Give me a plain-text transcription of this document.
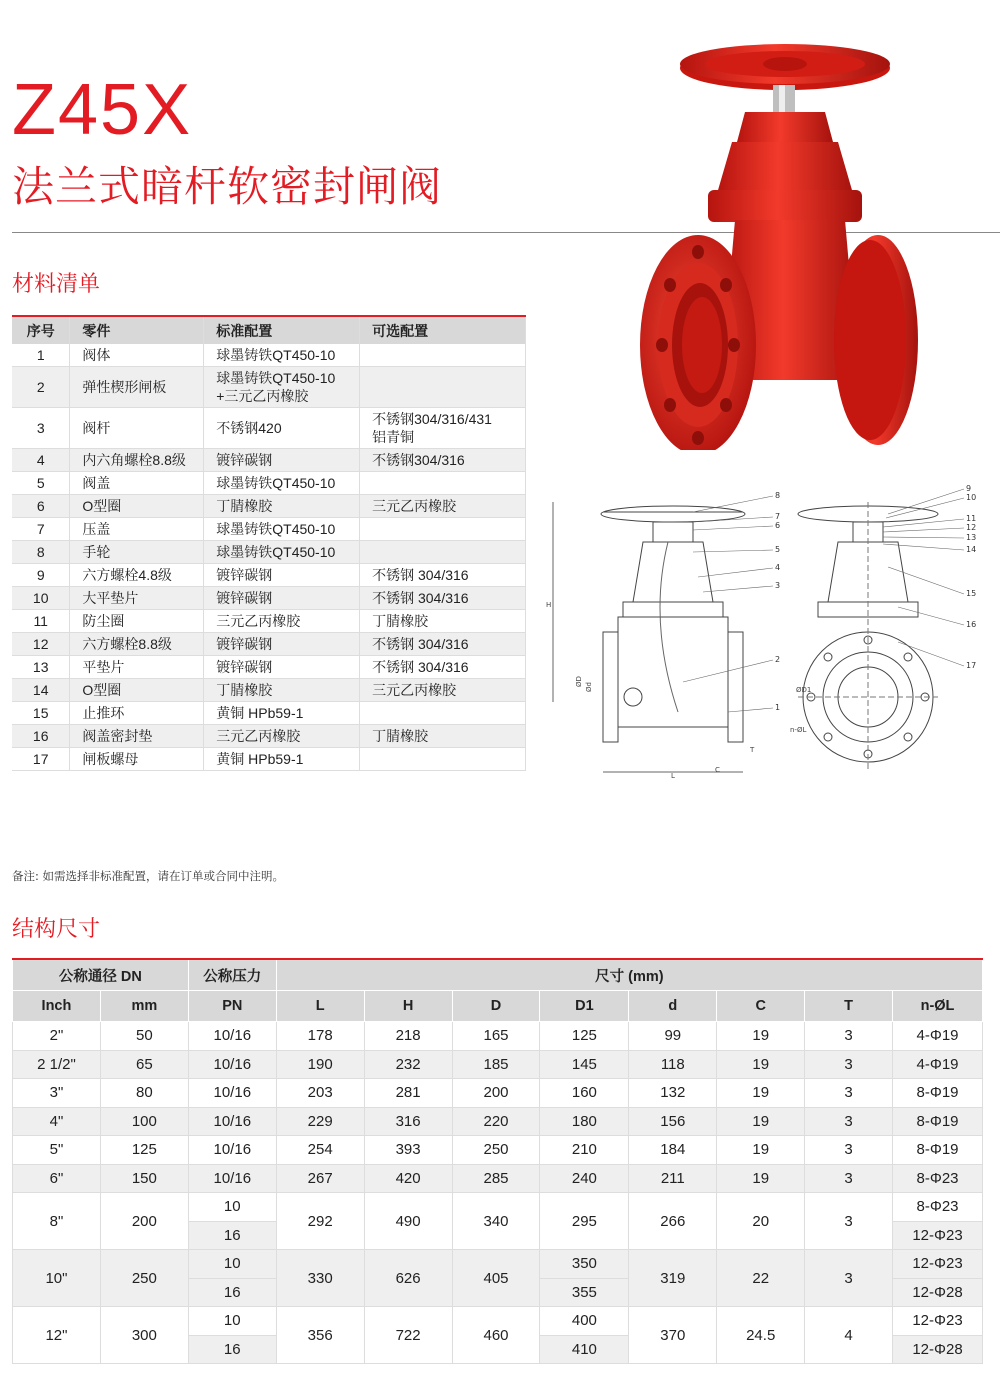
Z45X
法兰式暗杆软密封闸阀
H
ØD
Ød
L
C
T
8
7
6
5
4
3
2
1
ØD1
n-ØL
9
10
11
12
13
14
15
16
17
材料清单
序号	零件	标准配置	可选配置
1	阀体	球墨铸铁QT450-10	
2	弹性楔形闸板	球墨铸铁QT450-10
+三元乙丙橡胶	
3	阀杆	不锈钢420	不锈钢304/316/431
铝青铜
4	内六角螺栓8.8级	镀锌碳钢	不锈钢304/316
5	阀盖	球墨铸铁QT450-10	
6	O型圈	丁腈橡胶	三元乙丙橡胶
7	压盖	球墨铸铁QT450-10	
8	手轮	球墨铸铁QT450-10	
9	六方螺栓4.8级	镀锌碳钢	不锈钢 304/316
10	大平垫片	镀锌碳钢	不锈钢 304/316
11	防尘圈	三元乙丙橡胶	丁腈橡胶
12	六方螺栓8.8级	镀锌碳钢	不锈钢 304/316
13	平垫片	镀锌碳钢	不锈钢 304/316
14	O型圈	丁腈橡胶	三元乙丙橡胶
15	止推环	黄铜 HPb59-1	
16	阀盖密封垫	三元乙丙橡胶	丁腈橡胶
17	闸板螺母	黄铜 HPb59-1	
备注: 如需选择非标准配置，请在订单或合同中注明。
结构尺寸
公称通径 DN		公称压力	尺寸 (mm)							
Inch	mm	PN	L	H	D	D1	d	C	T	n-ØL
2"	50	10/16	178	218	165	125	99	19	3	4-Φ19
2 1/2"	65	10/16	190	232	185	145	118	19	3	4-Φ19
3"	80	10/16	203	281	200	160	132	19	3	8-Φ19
4"	100	10/16	229	316	220	180	156	19	3	8-Φ19
5"	125	10/16	254	393	250	210	184	19	3	8-Φ19
6"	150	10/16	267	420	285	240	211	19	3	8-Φ23
8"	200	10	292	490	340	295	266	20	3	8-Φ23
		16								12-Φ23
10"	250	10	330	626	405	350	319	22	3	12-Φ23
		16				355				12-Φ28
12"	300	10	356	722	460	400	370	24.5	4	12-Φ23
		16				410				12-Φ28
